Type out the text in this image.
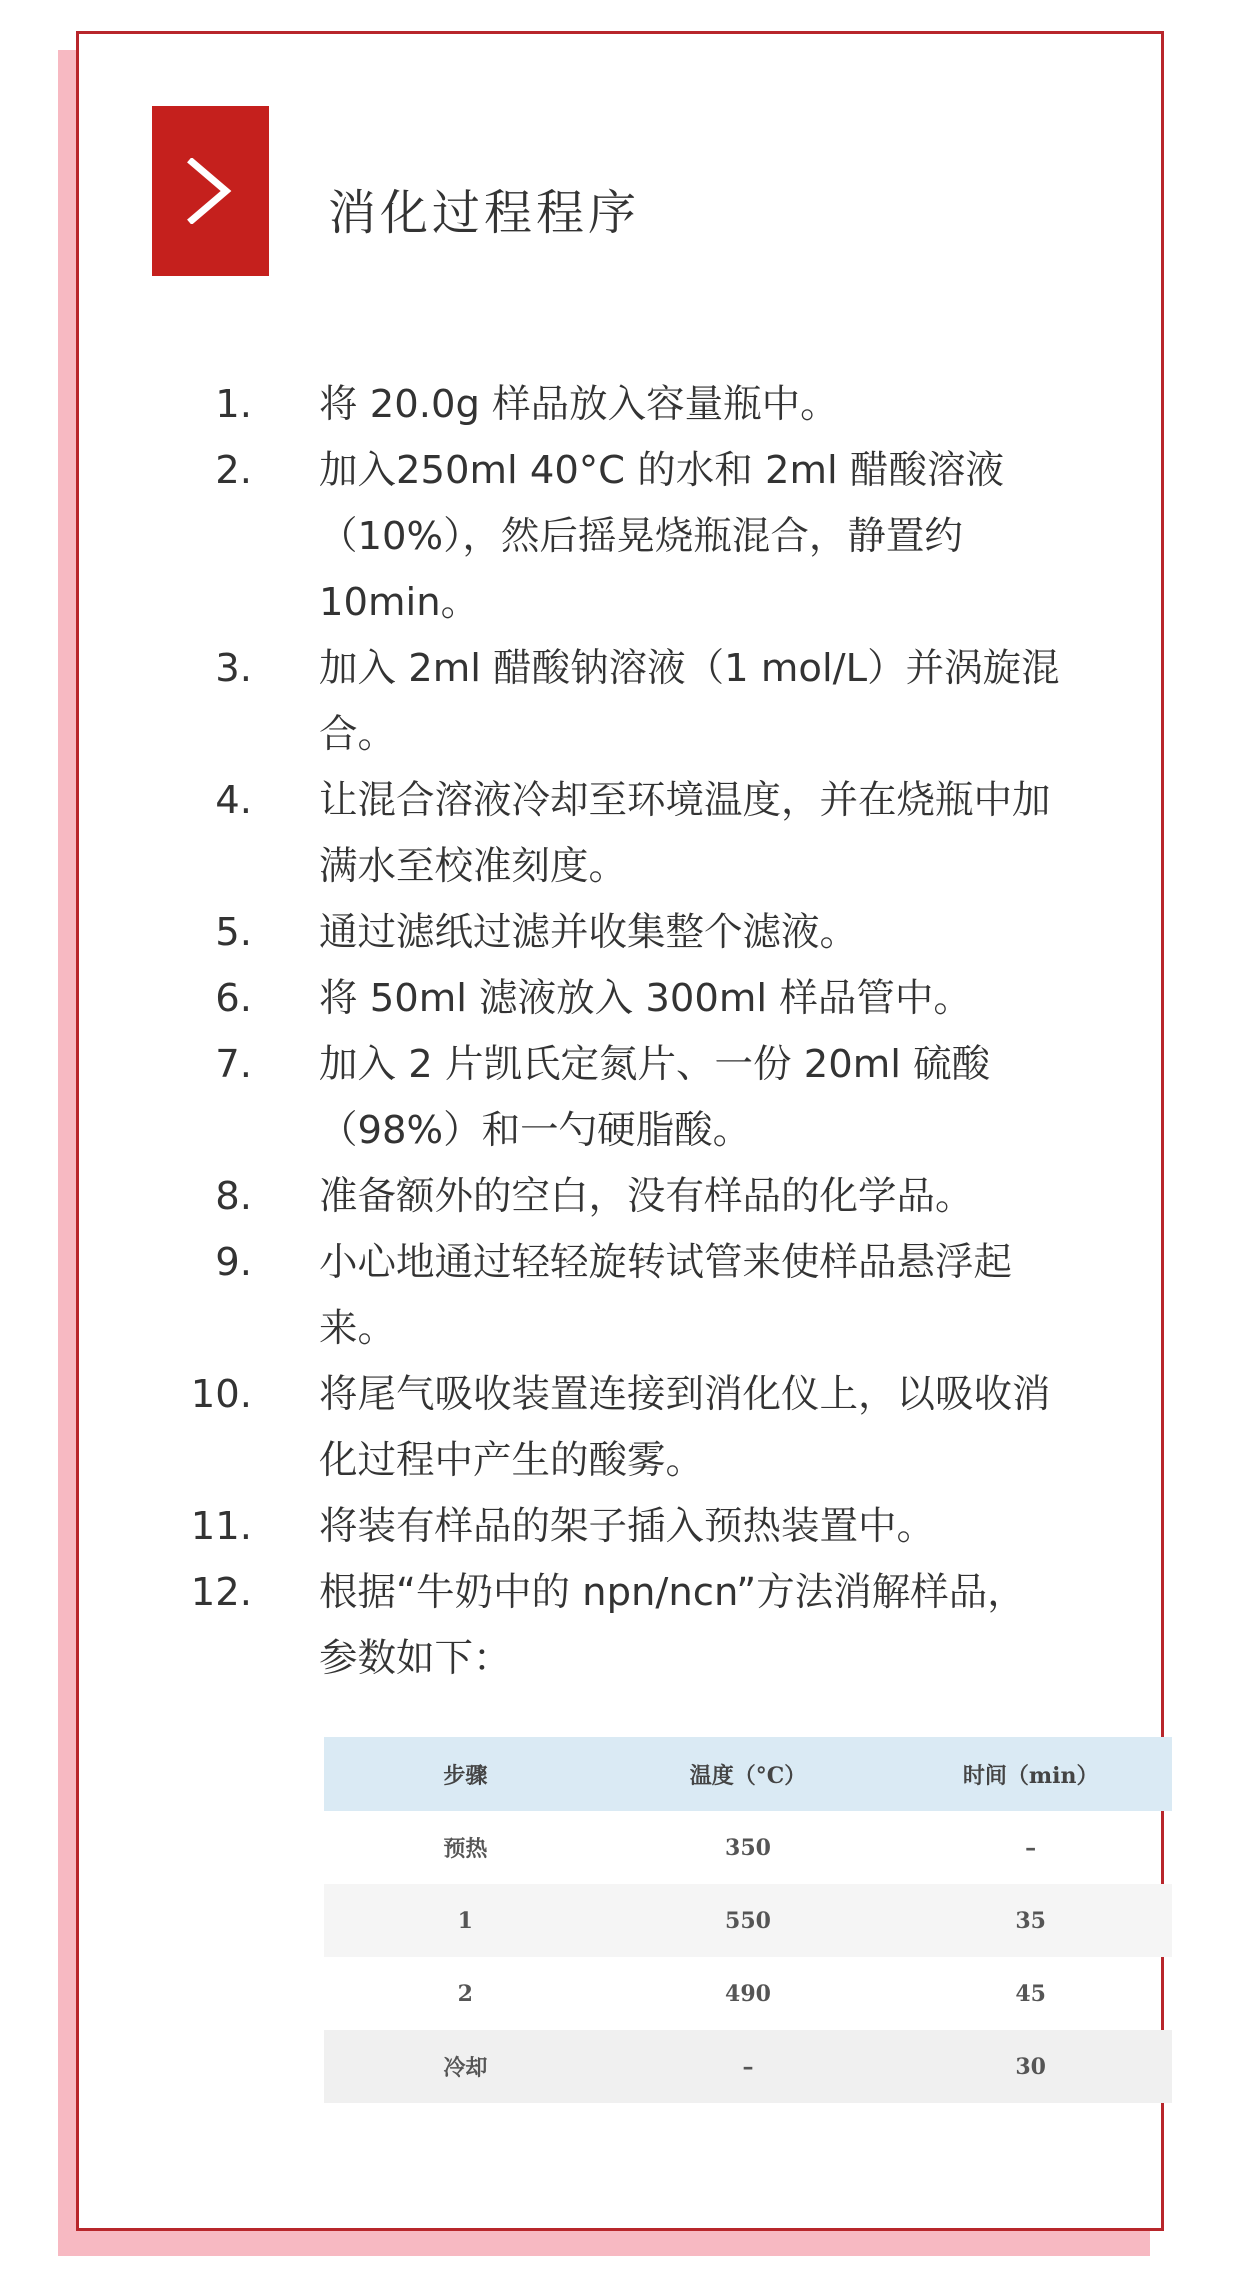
消化过程程序
1. 将 20.0g 样品放入容量瓶中。
2. 加入250ml 40°C 的水和 2ml 醋酸溶液
（10%），然后摇晃烧瓶混合，静置约
10min。
3. 加入 2ml 醋酸钠溶液（1 mol/L）并涡旋混
合。
4. 让混合溶液冷却至环境温度，并在烧瓶中加
满水至校准刻度。
5. 通过滤纸过滤并收集整个滤液。
6. 将 50ml 滤液放入 300ml 样品管中。
7. 加入 2 片凯氏定氮片、一份 20ml 硫酸
（98%）和一勺硬脂酸。
8. 准备额外的空白，没有样品的化学品。
9. 小心地通过轻轻旋转试管来使样品悬浮起
来。
10. 将尾气吸收装置连接到消化仪上，以吸收消
化过程中产生的酸雾。
11. 将装有样品的架子插入预热装置中。
12. 根据“牛奶中的 npn/ncn”方法消解样品，
参数如下：
步骤	温度（°C）	时间（min）
预热	350	–
1	550	35
2	490	45
冷却	–	30
